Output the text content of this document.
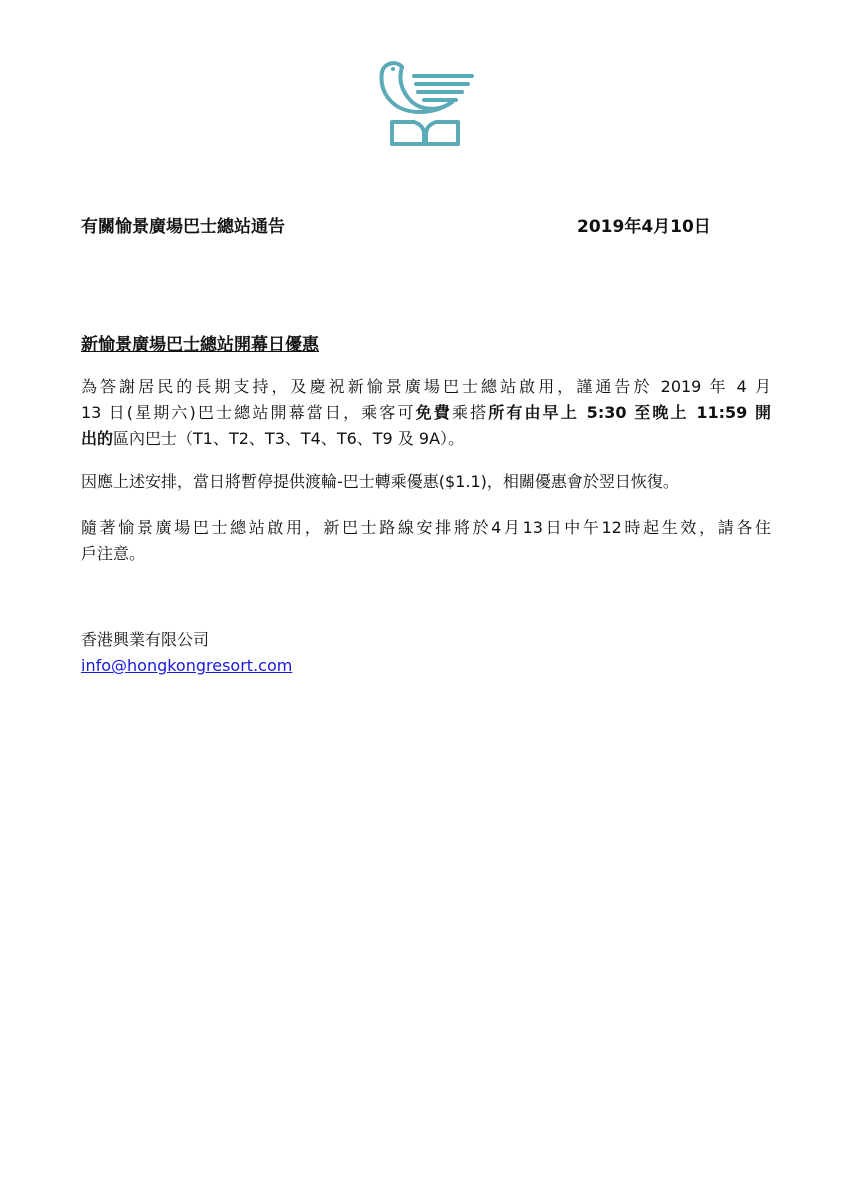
有關愉景廣場巴士總站通告	2019年4月10日
新愉景廣場巴士總站開幕日優惠
為答謝居民的長期支持，及慶祝新愉景廣場巴士總站啟用，謹通告於 2019 年 4 月
13 日(星期六)巴士總站開幕當日，乘客可免費乘搭所有由早上 5:30 至晚上 11:59 開
出的區內巴士（T1、T2、T3、T4、T6、T9 及 9A）。
因應上述安排，當日將暫停提供渡輪-巴士轉乘優惠($1.1)，相關優惠會於翌日恢復。
隨著愉景廣場巴士總站啟用，新巴士路線安排將於4月13日中午12時起生效，請各住
戶注意。
香港興業有限公司
info@hongkongresort.com
